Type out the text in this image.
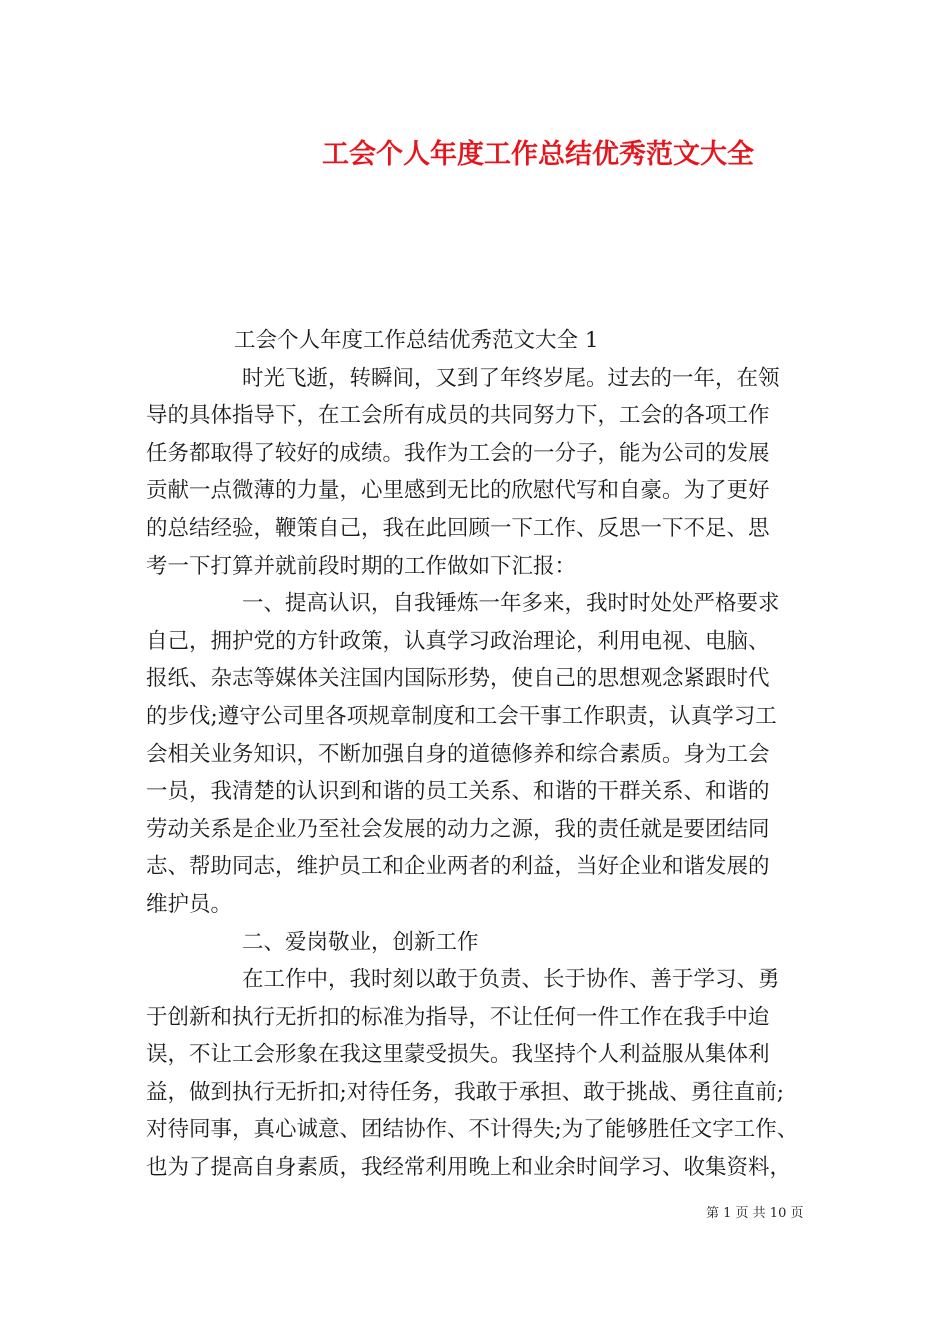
工会个人年度工作总结优秀范文大全
工会个人年度工作总结优秀范文大全 1
时光飞逝，转瞬间，又到了年终岁尾。过去的一年，在领
导的具体指导下，在工会所有成员的共同努力下，工会的各项工作
任务都取得了较好的成绩。我作为工会的一分子，能为公司的发展
贡献一点微薄的力量，心里感到无比的欣慰代写和自豪。为了更好
的总结经验，鞭策自己，我在此回顾一下工作、反思一下不足、思
考一下打算并就前段时期的工作做如下汇报：
一、提高认识，自我锤炼一年多来，我时时处处严格要求
自己，拥护党的方针政策，认真学习政治理论，利用电视、电脑、
报纸、杂志等媒体关注国内国际形势，使自己的思想观念紧跟时代
的步伐;遵守公司里各项规章制度和工会干事工作职责，认真学习工
会相关业务知识，不断加强自身的道德修养和综合素质。身为工会
一员，我清楚的认识到和谐的员工关系、和谐的干群关系、和谐的
劳动关系是企业乃至社会发展的动力之源，我的责任就是要团结同
志、帮助同志，维护员工和企业两者的利益，当好企业和谐发展的
维护员。
二、爱岗敬业，创新工作
在工作中，我时刻以敢于负责、长于协作、善于学习、勇
于创新和执行无折扣的标准为指导，不让任何一件工作在我手中迨
误，不让工会形象在我这里蒙受损失。我坚持个人利益服从集体利
益，做到执行无折扣;对待任务，我敢于承担、敢于挑战、勇往直前;
对待同事，真心诚意、团结协作、不计得失;为了能够胜任文字工作、
也为了提高自身素质，我经常利用晚上和业余时间学习、收集资料，
第 1 页 共 10 页
